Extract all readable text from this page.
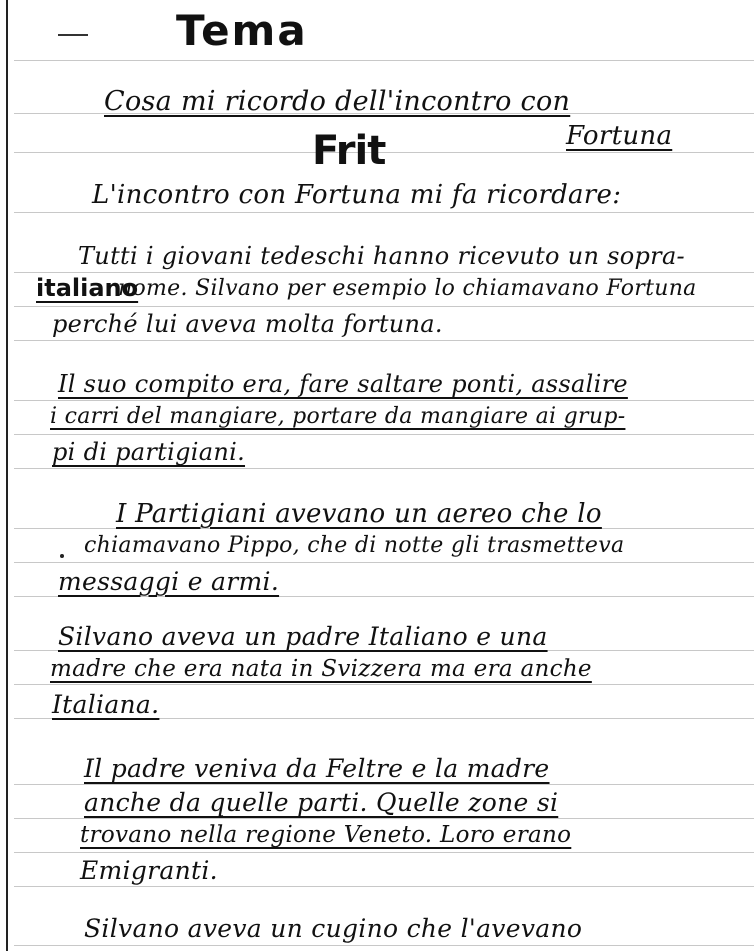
Tema
Cosa mi ricordo dell'incontro con
Fortuna
Frit
L'incontro con Fortuna mi fa ricordare:
Tutti i giovani tedeschi hanno ricevuto un sopra-
nome. Silvano per esempio lo chiamavano Fortuna
italiano
perché lui aveva molta fortuna.
Il suo compito era, fare saltare ponti, assalire
i carri del mangiare, portare da mangiare ai grup-
pi di partigiani.
I Partigiani avevano un aereo che lo
chiamavano Pippo, che di notte gli trasmetteva
messaggi e armi.
Silvano aveva un padre Italiano e una
madre che era nata in Svizzera ma era anche
Italiana.
Il padre veniva da Feltre e la madre
anche da quelle parti. Quelle zone si
trovano nella regione Veneto. Loro erano
Emigranti.
Silvano aveva un cugino che l'avevano
